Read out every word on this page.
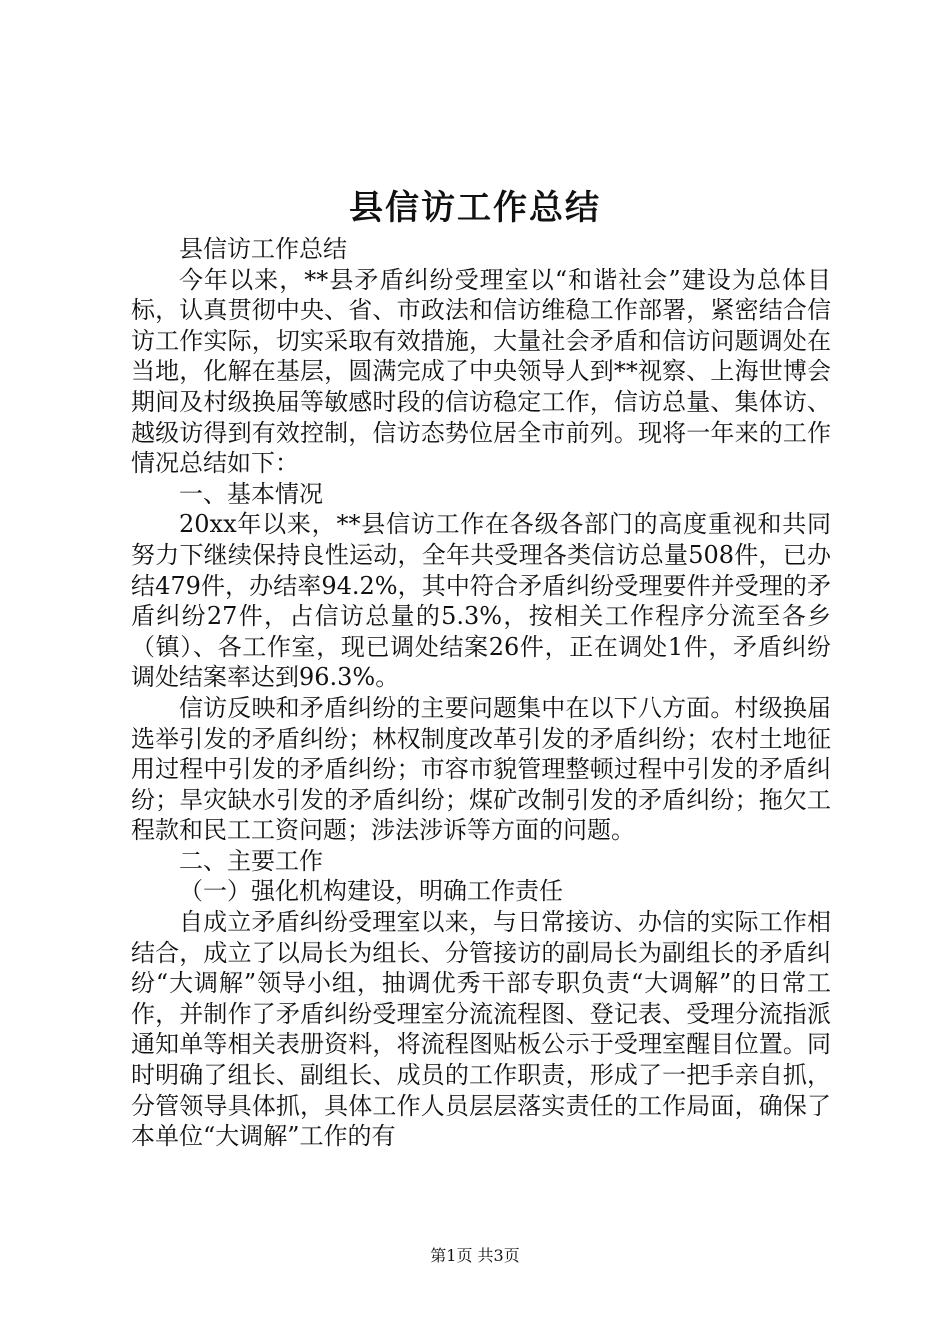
县信访工作总结

县信访工作总结

今年以来，**县矛盾纠纷受理室以“和谐社会”建设为总体目标，认真贯彻中央、省、市政法和信访维稳工作部署，紧密结合信访工作实际，切实采取有效措施，大量社会矛盾和信访问题调处在当地，化解在基层，圆满完成了中央领导人到**视察、上海世博会期间及村级换届等敏感时段的信访稳定工作，信访总量、集体访、越级访得到有效控制，信访态势位居全市前列。现将一年来的工作情况总结如下：

一、基本情况

20xx年以来，**县信访工作在各级各部门的高度重视和共同努力下继续保持良性运动，全年共受理各类信访总量508件，已办结479件，办结率94.2%，其中符合矛盾纠纷受理要件并受理的矛盾纠纷27件，占信访总量的5.3%，按相关工作程序分流至各乡（镇）、各工作室，现已调处结案26件，正在调处1件，矛盾纠纷调处结案率达到96.3%。

信访反映和矛盾纠纷的主要问题集中在以下八方面。村级换届选举引发的矛盾纠纷；林权制度改革引发的矛盾纠纷；农村土地征用过程中引发的矛盾纠纷；市容市貌管理整顿过程中引发的矛盾纠纷；旱灾缺水引发的矛盾纠纷；煤矿改制引发的矛盾纠纷；拖欠工程款和民工工资问题；涉法涉诉等方面的问题。

二、主要工作

（一）强化机构建设，明确工作责任

自成立矛盾纠纷受理室以来，与日常接访、办信的实际工作相结合，成立了以局长为组长、分管接访的副局长为副组长的矛盾纠纷“大调解”领导小组，抽调优秀干部专职负责“大调解”的日常工作，并制作了矛盾纠纷受理室分流流程图、登记表、受理分流指派通知单等相关表册资料，将流程图贴板公示于受理室醒目位置。同时明确了组长、副组长、成员的工作职责，形成了一把手亲自抓，分管领导具体抓，具体工作人员层层落实责任的工作局面，确保了本单位“大调解”工作的有

第1页 共3页
